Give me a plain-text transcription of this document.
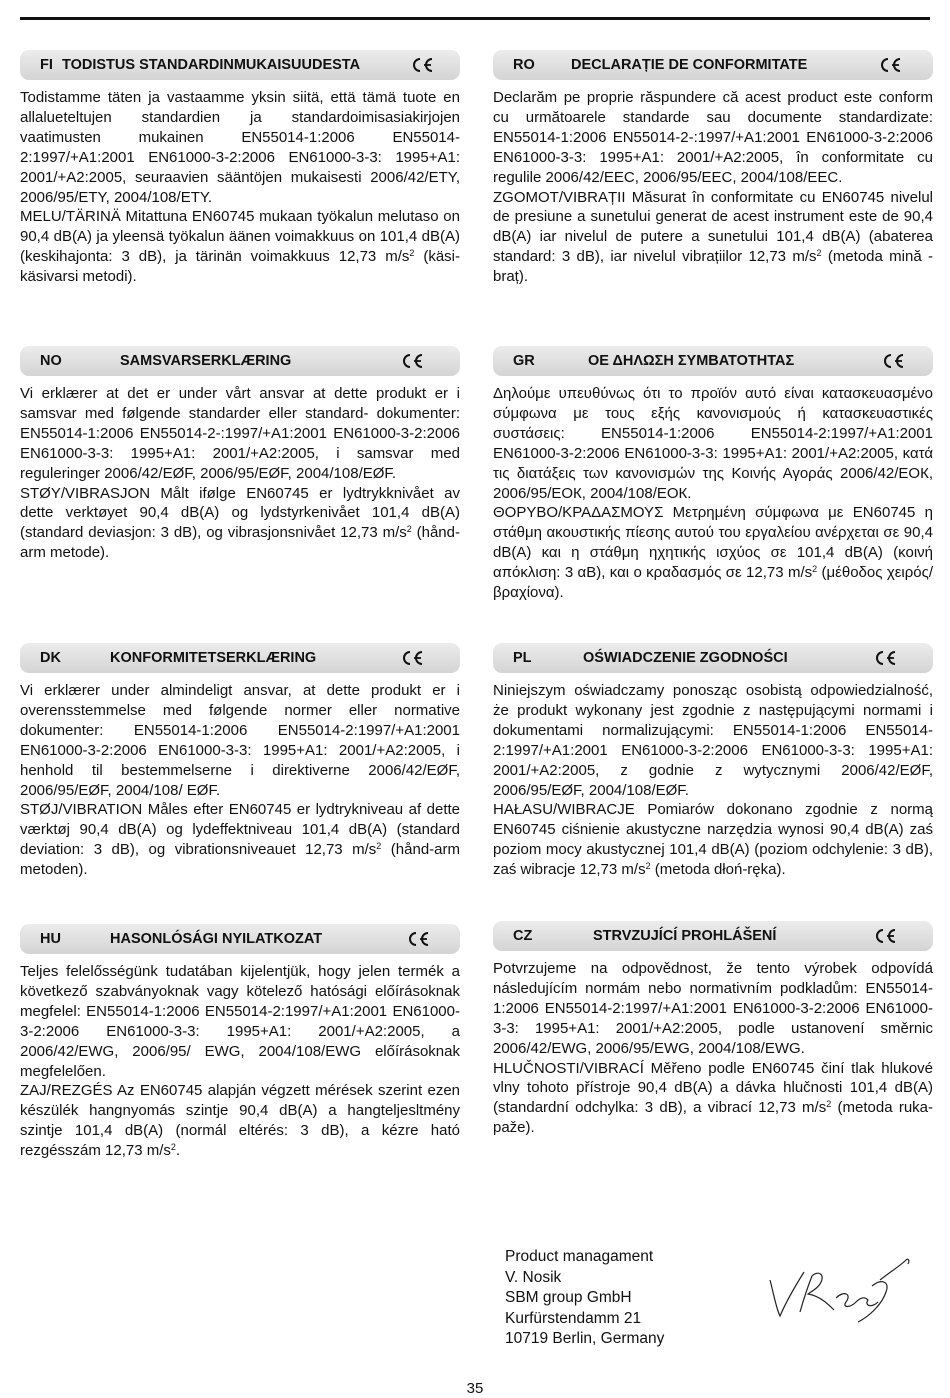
FI TODISTUS STANDARDINMUKAISUUDESTA

Todistamme täten ja vastaamme yksin siitä, että tämä tuote en allalueteltujen standardien ja standardoimisasiakirjojen vaatimusten mukainen EN55014-1:2006 EN55014-2:1997/+A1:2001 EN61000-3-2:2006 EN61000-3-3: 1995+A1: 2001/+A2:2005, seuraavien sääntöjen mukaisesti 2006/42/ETY, 2006/95/ETY, 2004/108/ETY.

MELU/TÄRINÄ Mitattuna EN60745 mukaan työkalun melutaso on 90,4 dB(A) ja yleensä työkalun äänen voimakkuus on 101,4 dB(A) (keskihajonta: 3 dB), ja tärinän voimakkuus 12,73 $m/s^2$ (käsi-käsivarsi metodi).

RO	DECLARAȚIE DE CONFORMITATE

Declarăm pe proprie răspundere că acest product este conform cu următoarele standarde sau documente standardizate: EN55014-1:2006 EN55014-2-:1997/+A1:2001 EN61000-3-2:2006 EN61000-3-3: 1995+A1: 2001/+A2:2005, în conformitate cu regulile 2006/42/EEC, 2006/95/EEC, 2004/108/EEC.

ZGOMOT/VIBRAȚII Măsurat în conformitate cu EN60745 nivelul de presiune a sunetului generat de acest instrument este de 90,4 dB(A) iar nivelul de putere a sunetului 101,4 dB(A) (abaterea standard: 3 dB), iar nivelul vibrațiilor 12,73 $m/s^2$ (metoda mină - braț).

NO	SAMSVARSERKLÆRING

Vi erklærer at det er under vårt ansvar at dette produkt er i samsvar med følgende standarder eller standard- dokumenter: EN55014-1:2006 EN55014-2-:1997/+A1:2001 EN61000-3-2:2006 EN61000-3-3: 1995+A1: 2001/+A2:2005, i samsvar med reguleringer 2006/42/EØF, 2006/95/EØF, 2004/108/EØF.

STØY/VIBRASJON Målt ifølge EN60745 er lydtrykknivået av dette verktøyet 90,4 dB(A) og lydstyrkenivået 101,4 dB(A) (standard deviasjon: 3 dB), og vibrasjonsnivået 12,73 $m/s^2$ (hånd-arm metode).

GR	ΟΕ ΔΗΛΩΣΗ ΣΥΜΒΑΤΟΤΗΤΑΣ

Δηλούμε υπευθύνως ότι το προϊόν αυτό είναι κατασκευασμένο σύμφωνα με τους εξής κανονισμούς ή κατασκευαστικές συστάσεις: EN55014-1:2006 EN55014-2:1997/+A1:2001 EN61000-3-2:2006 EN61000-3-3: 1995+A1: 2001/+A2:2005, κατά τις διατάξεις των κανονισμών της Κοινής Αγοράς 2006/42/ЕОК, 2006/95/ЕОК, 2004/108/ЕОК.

ΘΟΡΥΒΟ/ΚΡΑΔΑΣΜΟΥΣ Μετρημένη σύμφωνα με EN60745 η στάθμη ακουστικής πίεσης αυτού του εργαλείου ανέρχεται σε 90,4 dB(A) και η στάθμη ηχητικής ισχύος σε 101,4 dB(A) (κοινή απόκλιση: 3 αB), και ο κραδασμός σε 12,73 $m/s^2$ (μέθοδος χειρός/βραχίονα).

DK	KONFORMITETSERKLÆRING

Vi erklærer under almindeligt ansvar, at dette produkt er i overensstemmelse med følgende normer eller normative dokumenter: EN55014-1:2006 EN55014-2:1997/+A1:2001 EN61000-3-2:2006 EN61000-3-3: 1995+A1: 2001/+A2:2005, i henhold til bestemmelserne i direktiverne 2006/42/EØF, 2006/95/EØF, 2004/108/ EØF.

STØJ/VIBRATION Måles efter EN60745 er lydtrykniveau af dette værktøj 90,4 dB(A) og lydeffektniveau 101,4 dB(A) (standard deviation: 3 dB), og vibrationsniveauet 12,73 $m/s^2$ (hånd-arm metoden).

PL	OŚWIADCZENIE ZGODNOŚCI

Niniejszym oświadczamy ponosząc osobistą odpowiedzialność, że produkt wykonany jest zgodnie z następującymi normami i dokumentami normalizującymi: EN55014-1:2006 EN55014-2:1997/+A1:2001 EN61000-3-2:2006 EN61000-3-3: 1995+A1: 2001/+A2:2005, z godnie z wytycznymi 2006/42/EØF, 2006/95/EØF, 2004/108/EØF.

HAŁASU/WIBRACJE Pomiarów dokonano zgodnie z normą EN60745 ciśnienie akustyczne narzędzia wynosi 90,4 dB(A) zaś poziom mocy akustycznej 101,4 dB(A) (poziom odchylenie: 3 dB), zaś wibracje 12,73 $m/s^2$ (metoda dłoń-ręka).

HU	HASONLÓSÁGI NYILATKOZAT

Teljes felelősségünk tudatában kijelentjük, hogy jelen termék a következő szabványoknak vagy kötelező hatósági előírásoknak megfelel: EN55014-1:2006 EN55014-2:1997/+A1:2001 EN61000-3-2:2006 EN61000-3-3: 1995+A1: 2001/+A2:2005, a 2006/42/EWG, 2006/95/ EWG, 2004/108/EWG előírásoknak megfelelően.

ZAJ/REZGÉS Az EN60745 alapján végzett mérések szerint ezen készülék hangnyomás szintje 90,4 dB(A) a hangteljesltmény szintje 101,4 dB(A) (normál eltérés: 3 dB), a kézre ható rezgésszám 12,73 $m/s^2$.

CZ	STRVZUJÍCÍ PROHLÁŠENÍ

Potvrzujeme na odpovědnost, že tento výrobek odpovídá následujícím normám nebo normativním podkladům: EN55014-1:2006 EN55014-2:1997/+A1:2001 EN61000-3-2:2006 EN61000-3-3: 1995+A1: 2001/+A2:2005, podle ustanovení směrnic 2006/42/EWG, 2006/95/EWG, 2004/108/EWG.

HLUČNOSTI/VIBRACÍ Měřeno podle EN60745 činí tlak hlukové vlny tohoto přístroje 90,4 dB(A) a dávka hlučnosti 101,4 dB(A) (standardní odchylka: 3 dB), a vibrací 12,73 $m/s^2$ (metoda ruka-paže).

Product managament
V. Nosik
SBM group GmbH
Kurfürstendamm 21
10719 Berlin, Germany
35
